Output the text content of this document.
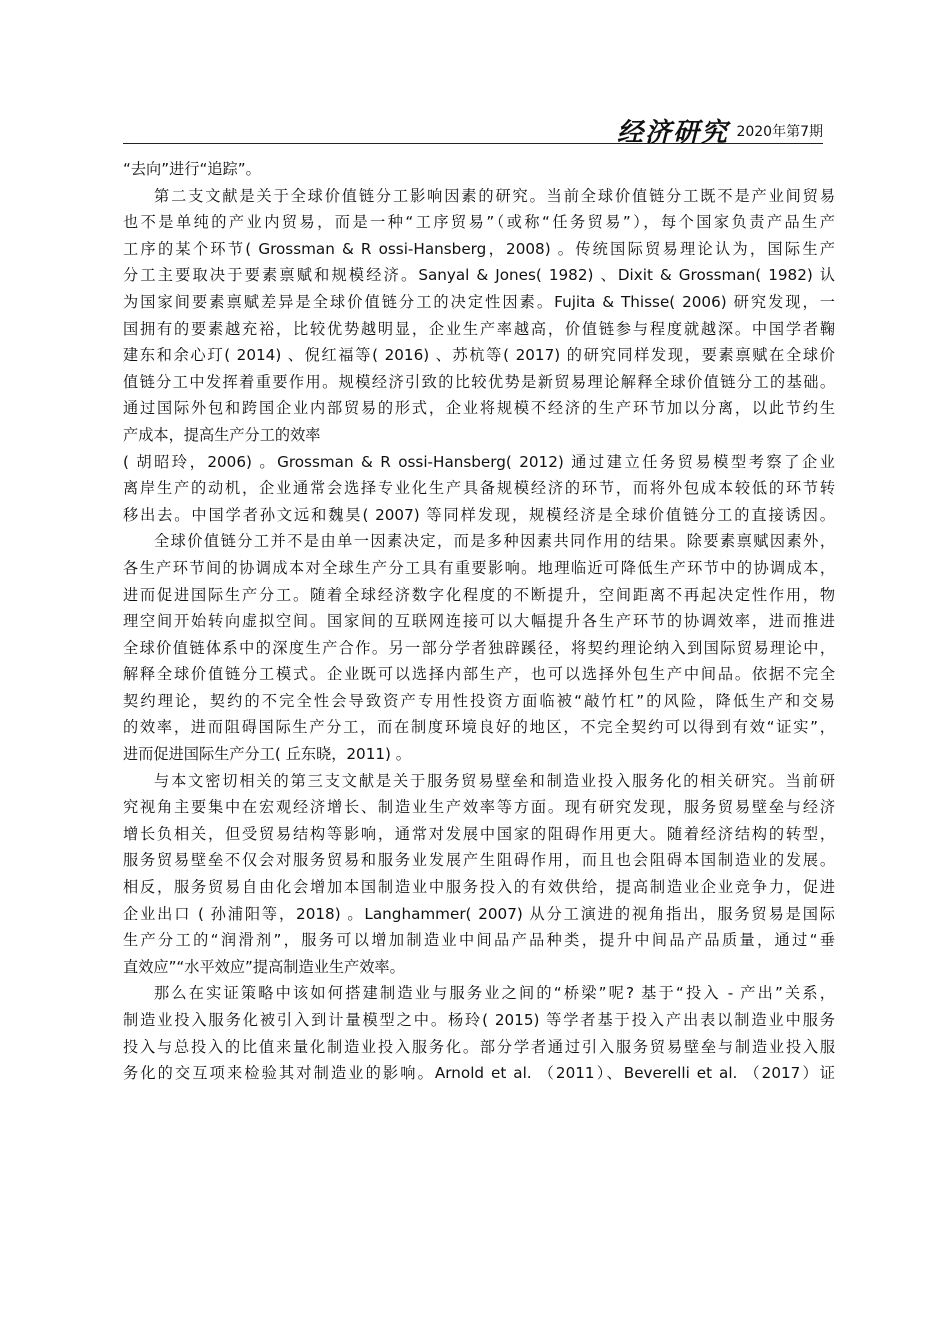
经济研究 2020年第7期
“去向”进行“追踪”。
第二支文献是关于全球价值链分工影响因素的研究。当前全球价值链分工既不是产业间贸易
也不是单纯的产业内贸易，而是一种“工序贸易”（或称“任务贸易”），每个国家负责产品生产
工序的某个环节( Grossman & R ossi-Hansberg，2008) 。传统国际贸易理论认为，国际生产
分工主要取决于要素禀赋和规模经济。Sanyal & Jones( 1982) 、Dixit & Grossman( 1982) 认
为国家间要素禀赋差异是全球价值链分工的决定性因素。Fujita & Thisse( 2006) 研究发现，一
国拥有的要素越充裕，比较优势越明显，企业生产率越高，价值链参与程度就越深。中国学者鞠
建东和余心玎( 2014) 、倪红福等( 2016) 、苏杭等( 2017) 的研究同样发现，要素禀赋在全球价
值链分工中发挥着重要作用。规模经济引致的比较优势是新贸易理论解释全球价值链分工的基础。
通过国际外包和跨国企业内部贸易的形式，企业将规模不经济的生产环节加以分离，以此节约生
产成本，提高生产分工的效率
( 胡昭玲，2006) 。Grossman & R ossi-Hansberg( 2012) 通过建立任务贸易模型考察了企业
离岸生产的动机，企业通常会选择专业化生产具备规模经济的环节，而将外包成本较低的环节转
移出去。中国学者孙文远和魏昊( 2007) 等同样发现，规模经济是全球价值链分工的直接诱因。
全球价值链分工并不是由单一因素决定，而是多种因素共同作用的结果。除要素禀赋因素外，
各生产环节间的协调成本对全球生产分工具有重要影响。地理临近可降低生产环节中的协调成本，
进而促进国际生产分工。随着全球经济数字化程度的不断提升，空间距离不再起决定性作用，物
理空间开始转向虚拟空间。国家间的互联网连接可以大幅提升各生产环节的协调效率，进而推进
全球价值链体系中的深度生产合作。另一部分学者独辟蹊径，将契约理论纳入到国际贸易理论中，
解释全球价值链分工模式。企业既可以选择内部生产，也可以选择外包生产中间品。依据不完全
契约理论，契约的不完全性会导致资产专用性投资方面临被“敲竹杠”的风险，降低生产和交易
的效率，进而阻碍国际生产分工，而在制度环境良好的地区，不完全契约可以得到有效“证实”，
进而促进国际生产分工( 丘东晓，2011) 。
与本文密切相关的第三支文献是关于服务贸易壁垒和制造业投入服务化的相关研究。当前研
究视角主要集中在宏观经济增长、制造业生产效率等方面。现有研究发现，服务贸易壁垒与经济
增长负相关，但受贸易结构等影响，通常对发展中国家的阻碍作用更大。随着经济结构的转型，
服务贸易壁垒不仅会对服务贸易和服务业发展产生阻碍作用，而且也会阻碍本国制造业的发展。
相反，服务贸易自由化会增加本国制造业中服务投入的有效供给，提高制造业企业竞争力，促进
企业出口 ( 孙浦阳等，2018) 。Langhammer( 2007) 从分工演进的视角指出，服务贸易是国际
生产分工的“润滑剂”，服务可以增加制造业中间品产品种类，提升中间品产品质量，通过“垂
直效应”“水平效应”提高制造业生产效率。
那么在实证策略中该如何搭建制造业与服务业之间的“桥梁”呢? 基于“投入 - 产出”关系，
制造业投入服务化被引入到计量模型之中。杨玲( 2015) 等学者基于投入产出表以制造业中服务
投入与总投入的比值来量化制造业投入服务化。部分学者通过引入服务贸易壁垒与制造业投入服
务化的交互项来检验其对制造业的影响。Arnold et al. （2011）、Beverelli et al. （2017）证
